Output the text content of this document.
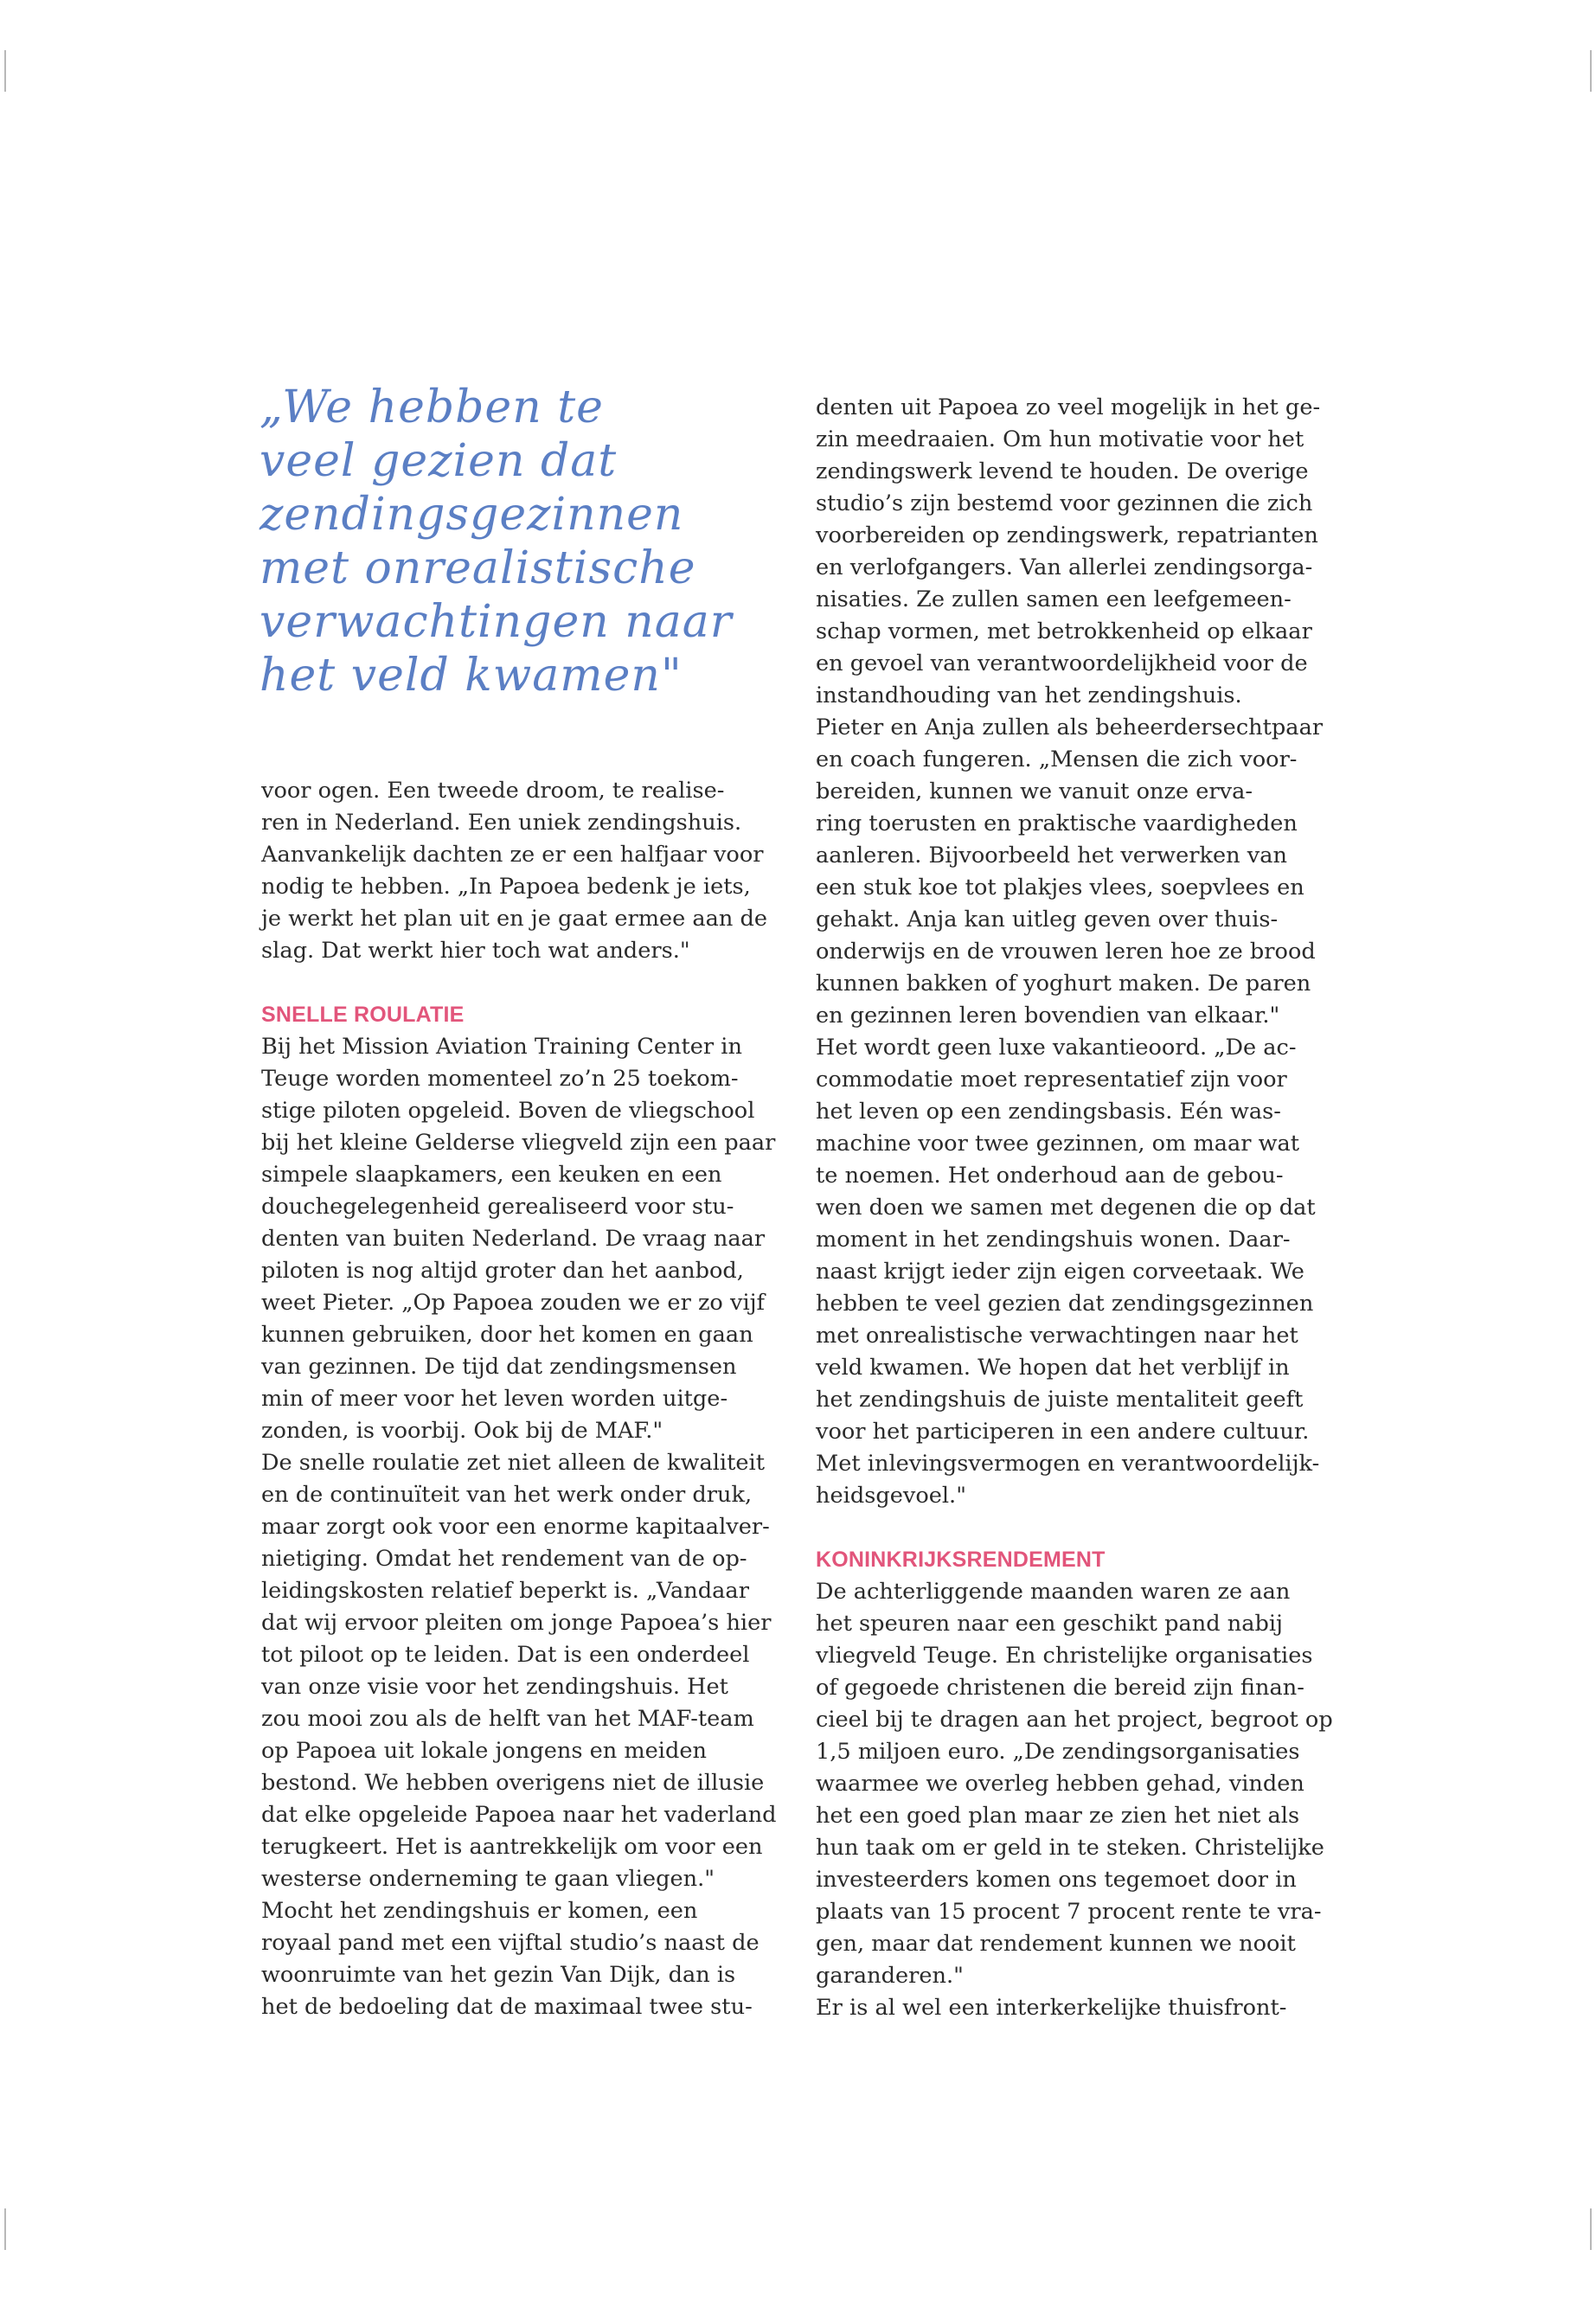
„We hebben te
veel gezien dat
zendingsgezinnen
met onrealistische
verwachtingen naar
het veld kwamen"
voor ogen. Een tweede droom, te realise-
ren in Nederland. Een uniek zendingshuis.
Aanvankelijk dachten ze er een halfjaar voor
nodig te hebben. „In Papoea bedenk je iets,
je werkt het plan uit en je gaat ermee aan de
slag. Dat werkt hier toch wat anders."
SNELLE ROULATIE
Bij het Mission Aviation Training Center in
Teuge worden momenteel zo’n 25 toekom-
stige piloten opgeleid. Boven de vliegschool
bij het kleine Gelderse vliegveld zijn een paar
simpele slaapkamers, een keuken en een
douchegelegenheid gerealiseerd voor stu-
denten van buiten Nederland. De vraag naar
piloten is nog altijd groter dan het aanbod,
weet Pieter. „Op Papoea zouden we er zo vijf
kunnen gebruiken, door het komen en gaan
van gezinnen. De tijd dat zendingsmensen
min of meer voor het leven worden uitge-
zonden, is voorbij. Ook bij de MAF."
De snelle roulatie zet niet alleen de kwaliteit
en de continuïteit van het werk onder druk,
maar zorgt ook voor een enorme kapitaalver-
nietiging. Omdat het rendement van de op-
leidingskosten relatief beperkt is. „Vandaar
dat wij ervoor pleiten om jonge Papoea’s hier
tot piloot op te leiden. Dat is een onderdeel
van onze visie voor het zendingshuis. Het
zou mooi zou als de helft van het MAF-team
op Papoea uit lokale jongens en meiden
bestond. We hebben overigens niet de illusie
dat elke opgeleide Papoea naar het vaderland
terugkeert. Het is aantrekkelijk om voor een
westerse onderneming te gaan vliegen."
Mocht het zendingshuis er komen, een
royaal pand met een vijftal studio’s naast de
woonruimte van het gezin Van Dijk, dan is
het de bedoeling dat de maximaal twee stu-
denten uit Papoea zo veel mogelijk in het ge-
zin meedraaien. Om hun motivatie voor het
zendingswerk levend te houden. De overige
studio’s zijn bestemd voor gezinnen die zich
voorbereiden op zendingswerk, repatrianten
en verlofgangers. Van allerlei zendingsorga-
nisaties. Ze zullen samen een leefgemeen-
schap vormen, met betrokkenheid op elkaar
en gevoel van verantwoordelijkheid voor de
instandhouding van het zendingshuis.
Pieter en Anja zullen als beheerdersechtpaar
en coach fungeren. „Mensen die zich voor-
bereiden, kunnen we vanuit onze erva-
ring toerusten en praktische vaardigheden
aanleren. Bijvoorbeeld het verwerken van
een stuk koe tot plakjes vlees, soepvlees en
gehakt. Anja kan uitleg geven over thuis-
onderwijs en de vrouwen leren hoe ze brood
kunnen bakken of yoghurt maken. De paren
en gezinnen leren bovendien van elkaar."
Het wordt geen luxe vakantieoord. „De ac-
commodatie moet representatief zijn voor
het leven op een zendingsbasis. Eén was-
machine voor twee gezinnen, om maar wat
te noemen. Het onderhoud aan de gebou-
wen doen we samen met degenen die op dat
moment in het zendingshuis wonen. Daar-
naast krijgt ieder zijn eigen corveetaak. We
hebben te veel gezien dat zendingsgezinnen
met onrealistische verwachtingen naar het
veld kwamen. We hopen dat het verblijf in
het zendingshuis de juiste mentaliteit geeft
voor het participeren in een andere cultuur.
Met inlevingsvermogen en verantwoordelijk-
heidsgevoel."
KONINKRIJKSRENDEMENT
De achterliggende maanden waren ze aan
het speuren naar een geschikt pand nabij
vliegveld Teuge. En christelijke organisaties
of gegoede christenen die bereid zijn finan-
cieel bij te dragen aan het project, begroot op
1,5 miljoen euro. „De zendingsorganisaties
waarmee we overleg hebben gehad, vinden
het een goed plan maar ze zien het niet als
hun taak om er geld in te steken. Christelijke
investeerders komen ons tegemoet door in
plaats van 15 procent 7 procent rente te vra-
gen, maar dat rendement kunnen we nooit
garanderen."
Er is al wel een interkerkelijke thuisfront-
